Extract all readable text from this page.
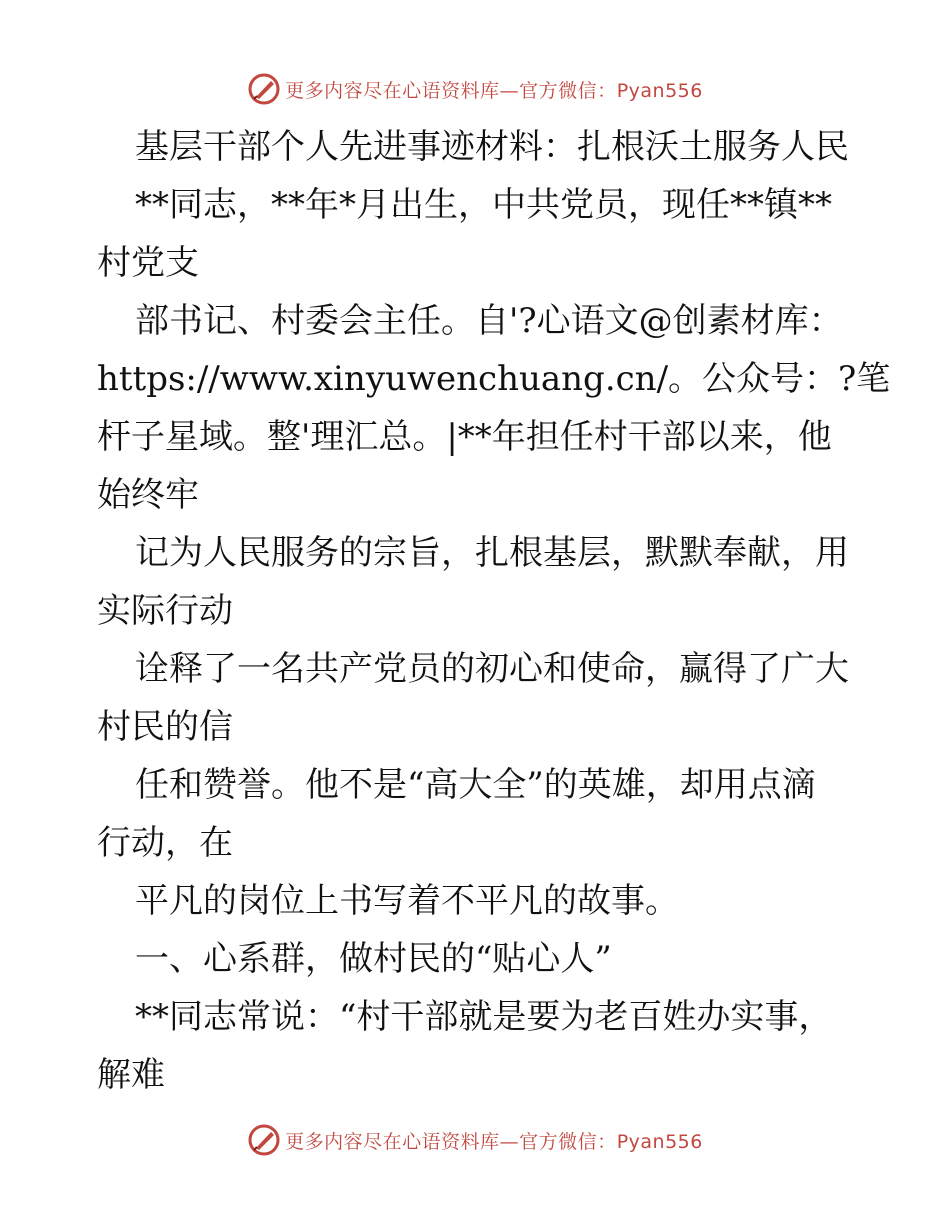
更多内容尽在心语资料库—官方微信：Pyan556
基层干部个人先进事迹材料：扎根沃土服务人民
**同志，**年*月出生，中共党员，现任**镇**
村党支
部书记、村委会主任。自'?心语文@创素材库：
https://www.xinyuwenchuang.cn/。公众号：?笔
杆子星域。整'理汇总。|**年担任村干部以来，他
始终牢
记为人民服务的宗旨，扎根基层，默默奉献，用
实际行动
诠释了一名共产党员的初心和使命，赢得了广大
村民的信
任和赞誉。他不是“高大全”的英雄，却用点滴
行动，在
平凡的岗位上书写着不平凡的故事。
一、心系群，做村民的“贴心人”
**同志常说：“村干部就是要为老百姓办实事，
解难
更多内容尽在心语资料库—官方微信：Pyan556
